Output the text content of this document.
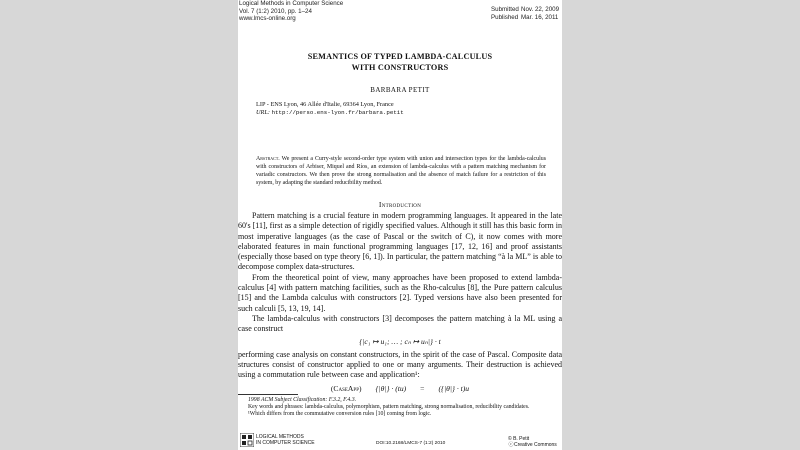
Logical Methods in Computer Science
Vol. 7 (1:2) 2010, pp. 1–24
www.lmcs-online.org
Submitted Nov. 22, 2009
Published Mar. 16, 2011
SEMANTICS OF TYPED LAMBDA-CALCULUS
WITH CONSTRUCTORS
BARBARA PETIT
LIP - ENS Lyon, 46 Allée d'Italie, 69364 Lyon, France
URL: http://perso.ens-lyon.fr/barbara.petit
Abstract. We present a Curry-style second-order type system with union and intersection types for the lambda-calculus with constructors of Arbiser, Miquel and Ríos, an extension of lambda-calculus with a pattern matching mechanism for variadic constructors. We then prove the strong normalisation and the absence of match failure for a restriction of this system, by adapting the standard reducibility method.
Introduction

Pattern matching is a crucial feature in modern programming languages. It appeared in the late 60's [11], first as a simple detection of rigidly specified values. Although it still has this basic form in most imperative languages (as the case of Pascal or the switch of C), it now comes with more elaborated features in main functional programming languages [17, 12, 16] and proof assistants (especially those based on type theory [6, 1]). In particular, the pattern matching “à la ML” is able to decompose complex data-structures.

From the theoretical point of view, many approaches have been proposed to extend lambda-calculus [4] with pattern matching facilities, such as the Rho-calculus [8], the Pure pattern calculus [15] and the Lambda calculus with constructors [2]. Typed versions have also been presented for such calculi [5, 13, 19, 14].

The lambda-calculus with constructors [3] decomposes the pattern matching à la ML using a case construct

{|c₁ ↦ u₁; … ; cₙ ↦ uₙ|} · t

performing case analysis on constant constructors, in the spirit of the case of Pascal. Composite data structures consist of constructor applied to one or many arguments. Their destruction is achieved using a commutation rule between case and application¹:

(CaseApp) {|θ|} · (tu) = ({|θ|} · t)u
1998 ACM Subject Classification: F.3.2, F.4.3.
Key words and phrases: lambda-calculus, polymorphism, pattern matching, strong normalisation, reducibility candidates.
¹Which differs from the commutative conversion rules [10] coming from logic.
LOGICAL METHODS
IN COMPUTER SCIENCE	DOI:10.2168/LMCS-7 (1:2) 2010
© B. Petit
ⓒCreative Commons
